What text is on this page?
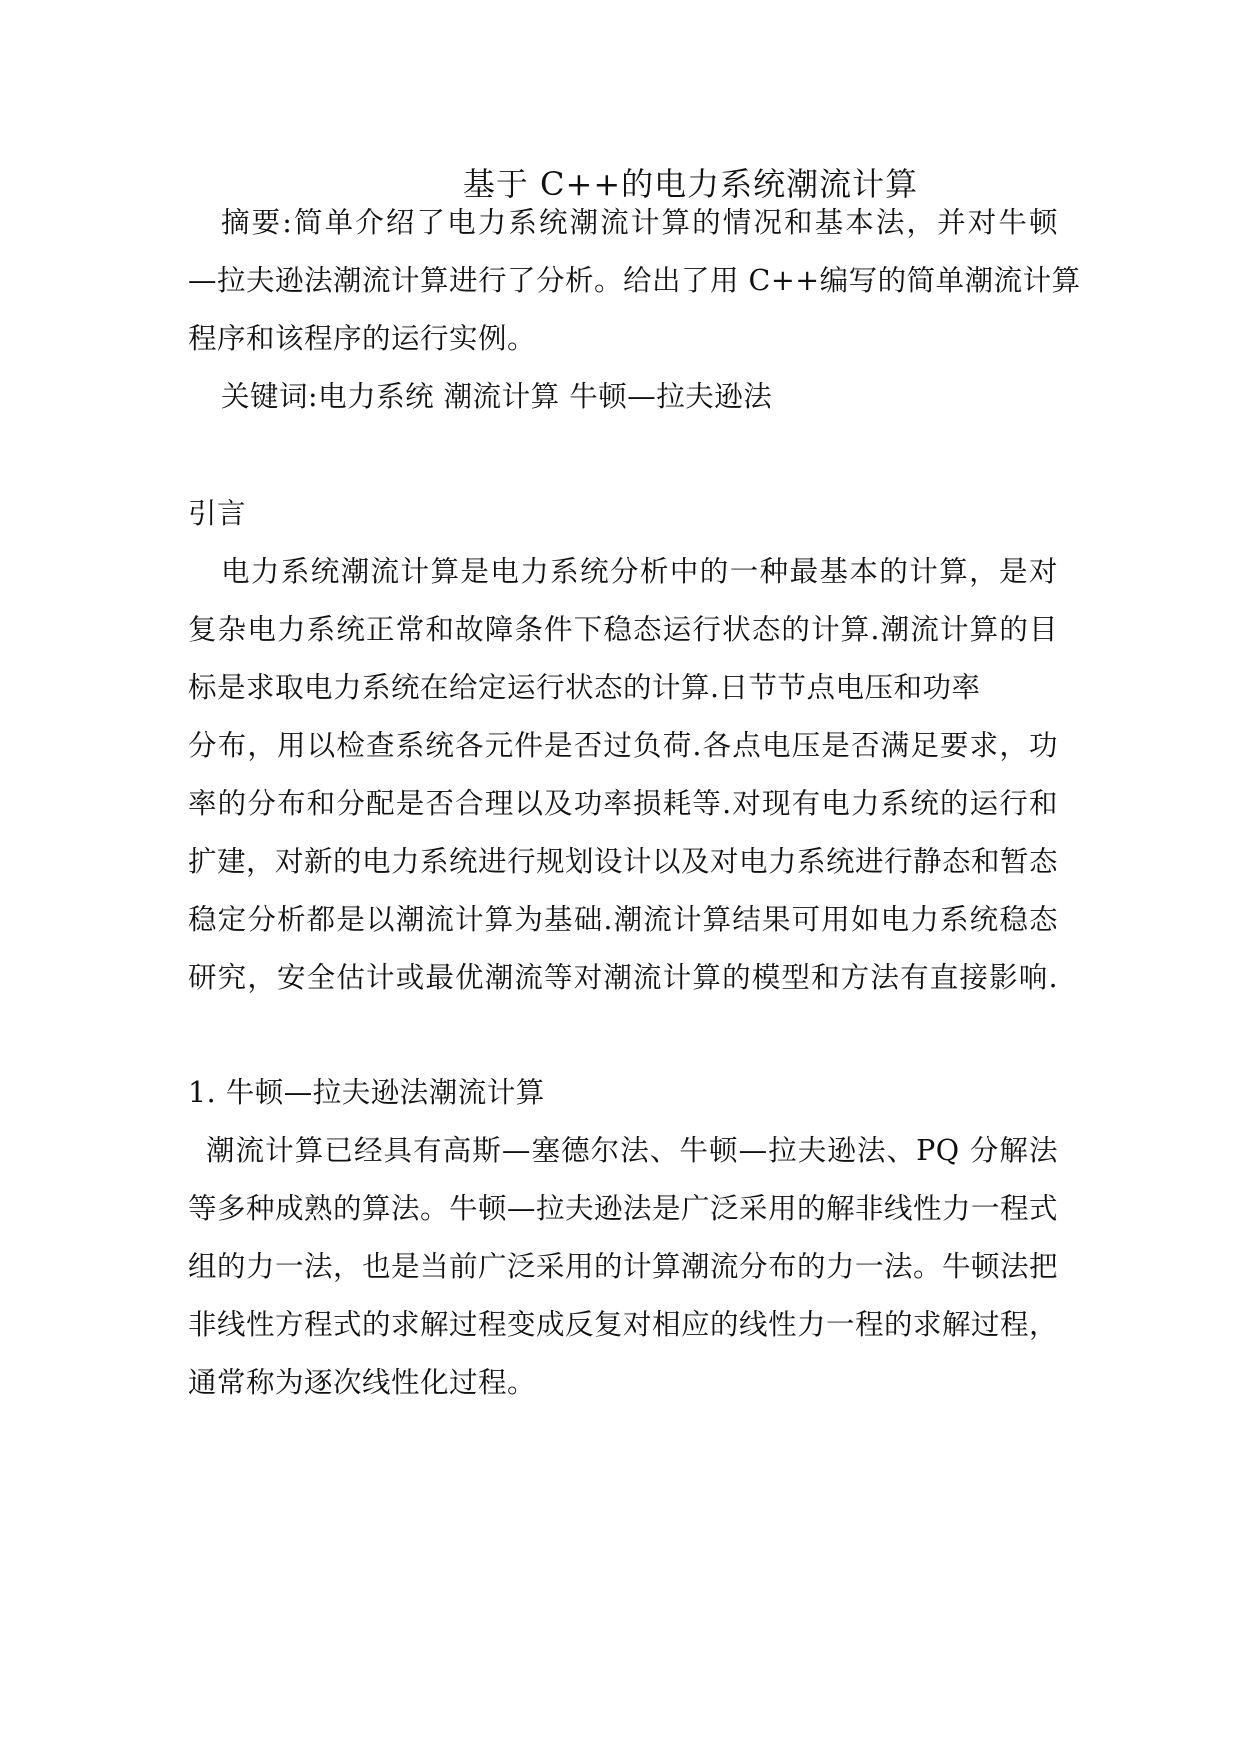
基于 C++的电力系统潮流计算
摘要:简单介绍了电力系统潮流计算的情况和基本法，并对牛顿
—拉夫逊法潮流计算进行了分析。给出了用 C++编写的简单潮流计算
程序和该程序的运行实例。
关键词:电力系统 潮流计算 牛顿—拉夫逊法
引言
电力系统潮流计算是电力系统分析中的一种最基本的计算，是对
复杂电力系统正常和故障条件下稳态运行状态的计算.潮流计算的目
标是求取电力系统在给定运行状态的计算.日节节点电压和功率
分布，用以检查系统各元件是否过负荷.各点电压是否满足要求，功
率的分布和分配是否合理以及功率损耗等.对现有电力系统的运行和
扩建，对新的电力系统进行规划设计以及对电力系统进行静态和暂态
稳定分析都是以潮流计算为基础.潮流计算结果可用如电力系统稳态
研究，安全估计或最优潮流等对潮流计算的模型和方法有直接影响.
1. 牛顿—拉夫逊法潮流计算
潮流计算已经具有高斯—塞德尔法、牛顿—拉夫逊法、PQ 分解法
等多种成熟的算法。牛顿—拉夫逊法是广泛采用的解非线性力一程式
组的力一法，也是当前广泛采用的计算潮流分布的力一法。牛顿法把
非线性方程式的求解过程变成反复对相应的线性力一程的求解过程，
通常称为逐次线性化过程。
